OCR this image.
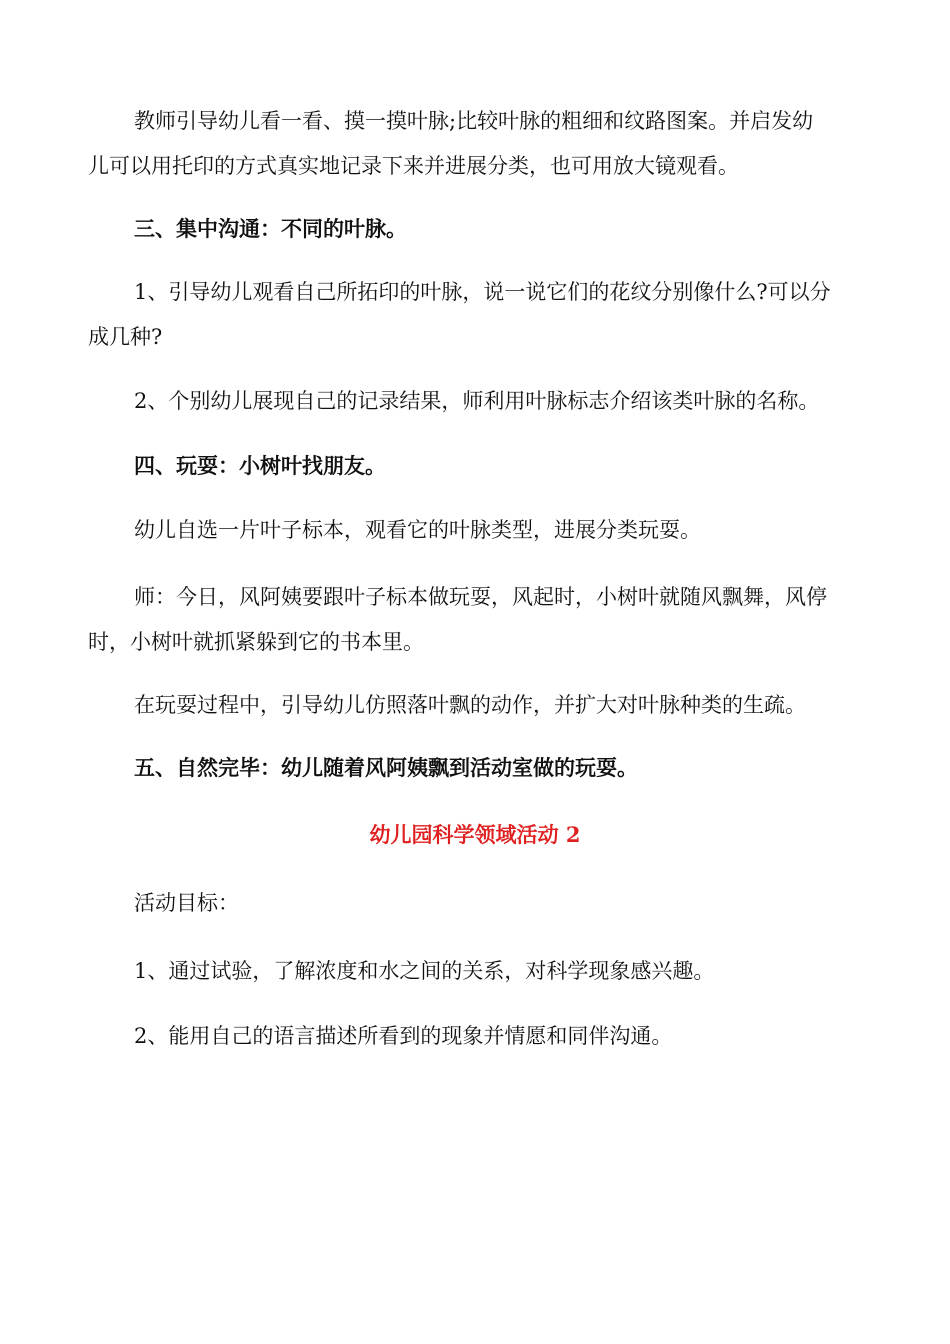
教师引导幼儿看一看、摸一摸叶脉;比较叶脉的粗细和纹路图案。并启发幼
儿可以用托印的方式真实地记录下来并进展分类，也可用放大镜观看。
三、集中沟通：不同的叶脉。
1、引导幼儿观看自己所拓印的叶脉，说一说它们的花纹分别像什么?可以分
成几种?
2、个别幼儿展现自己的记录结果，师利用叶脉标志介绍该类叶脉的名称。
四、玩耍：小树叶找朋友。
幼儿自选一片叶子标本，观看它的叶脉类型，进展分类玩耍。
师：今日，风阿姨要跟叶子标本做玩耍，风起时，小树叶就随风飘舞，风停
时，小树叶就抓紧躲到它的书本里。
在玩耍过程中，引导幼儿仿照落叶飘的动作，并扩大对叶脉种类的生疏。
五、自然完毕：幼儿随着风阿姨飘到活动室做的玩耍。
幼儿园科学领域活动 2
活动目标：
1、通过试验，了解浓度和水之间的关系，对科学现象感兴趣。
2、能用自己的语言描述所看到的现象并情愿和同伴沟通。
